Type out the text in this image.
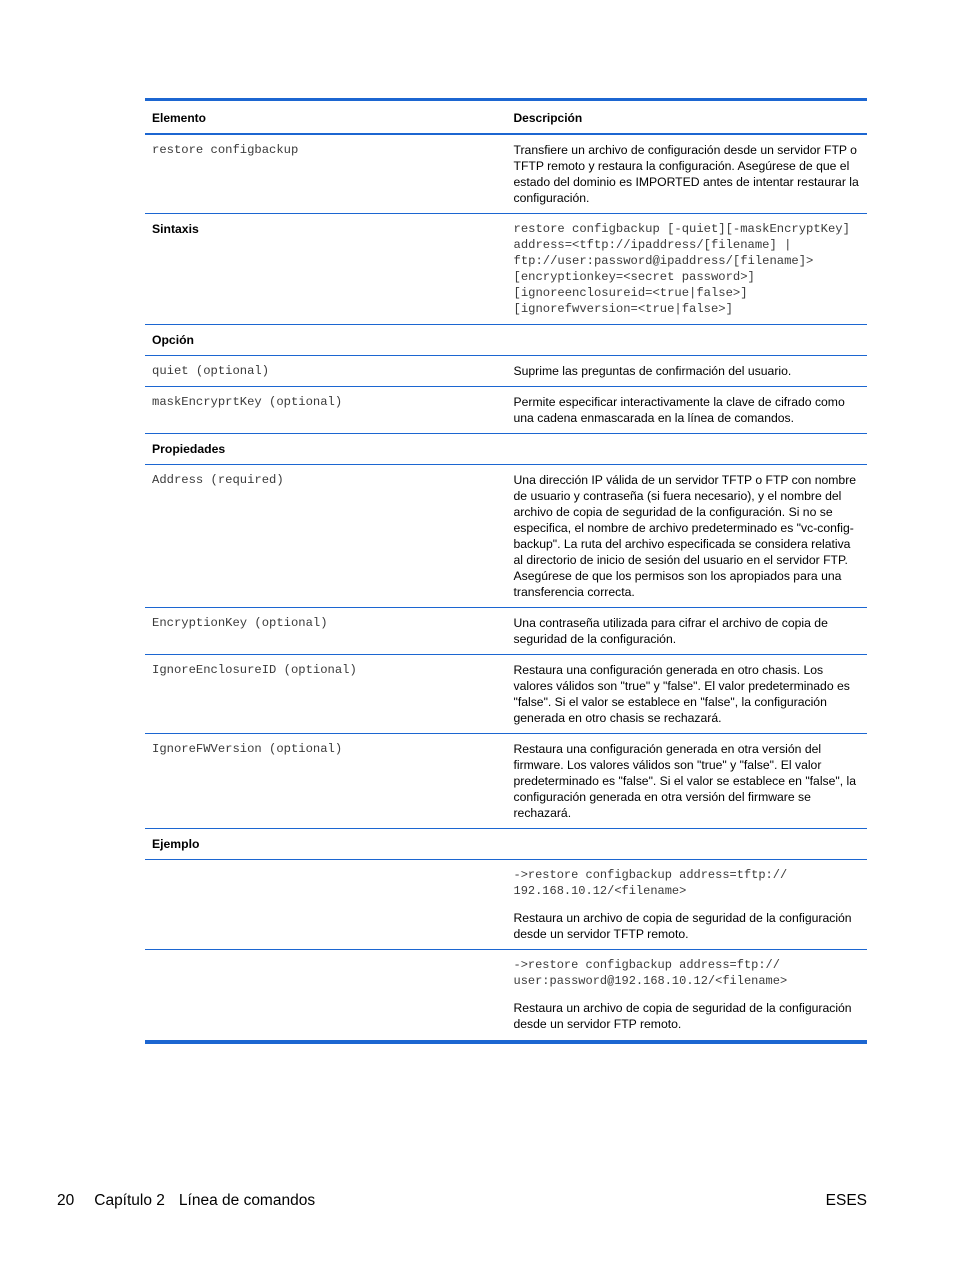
Elemento	Descripción
restore configbackup	Transfiere un archivo de configuración desde un servidor FTP o TFTP remoto y restaura la configuración. Asegúrese de que el estado del dominio es IMPORTED antes de intentar restaurar la configuración.
Sintaxis	restore configbackup [-quiet][-maskEncryptKey] address=<tftp://ipaddress/[filename] | ftp://user:password@ipaddress/[filename]> [encryptionkey=<secret password>] [ignoreenclosureid=<true|false>] [ignorefwversion=<true|false>]
Opción	
quiet (optional)	Suprime las preguntas de confirmación del usuario.
maskEncryprtKey (optional)	Permite especificar interactivamente la clave de cifrado como una cadena enmascarada en la línea de comandos.
Propiedades	
Address (required)	Una dirección IP válida de un servidor TFTP o FTP con nombre de usuario y contraseña (si fuera necesario), y el nombre del archivo de copia de seguridad de la configuración. Si no se especifica, el nombre de archivo predeterminado es "vc-config-backup". La ruta del archivo especificada se considera relativa al directorio de inicio de sesión del usuario en el servidor FTP. Asegúrese de que los permisos son los apropiados para una transferencia correcta.
EncryptionKey (optional)	Una contraseña utilizada para cifrar el archivo de copia de seguridad de la configuración.
IgnoreEnclosureID (optional)	Restaura una configuración generada en otro chasis. Los valores válidos son "true" y "false". El valor predeterminado es "false". Si el valor se establece en "false", la configuración generada en otro chasis se rechazará.
IgnoreFWVersion (optional)	Restaura una configuración generada en otra versión del firmware. Los valores válidos son "true" y "false". El valor predeterminado es "false". Si el valor se establece en "false", la configuración generada en otra versión del firmware se rechazará.
Ejemplo	

	->restore configbackup address=tftp://
192.168.10.12/<filename>
Restaura un archivo de copia de seguridad de la configuración desde un servidor TFTP remoto.

	->restore configbackup address=ftp://
user:password@192.168.10.12/<filename>
Restaura un archivo de copia de seguridad de la configuración desde un servidor FTP remoto.
20 Capítulo 2 Línea de comandos	ESES
